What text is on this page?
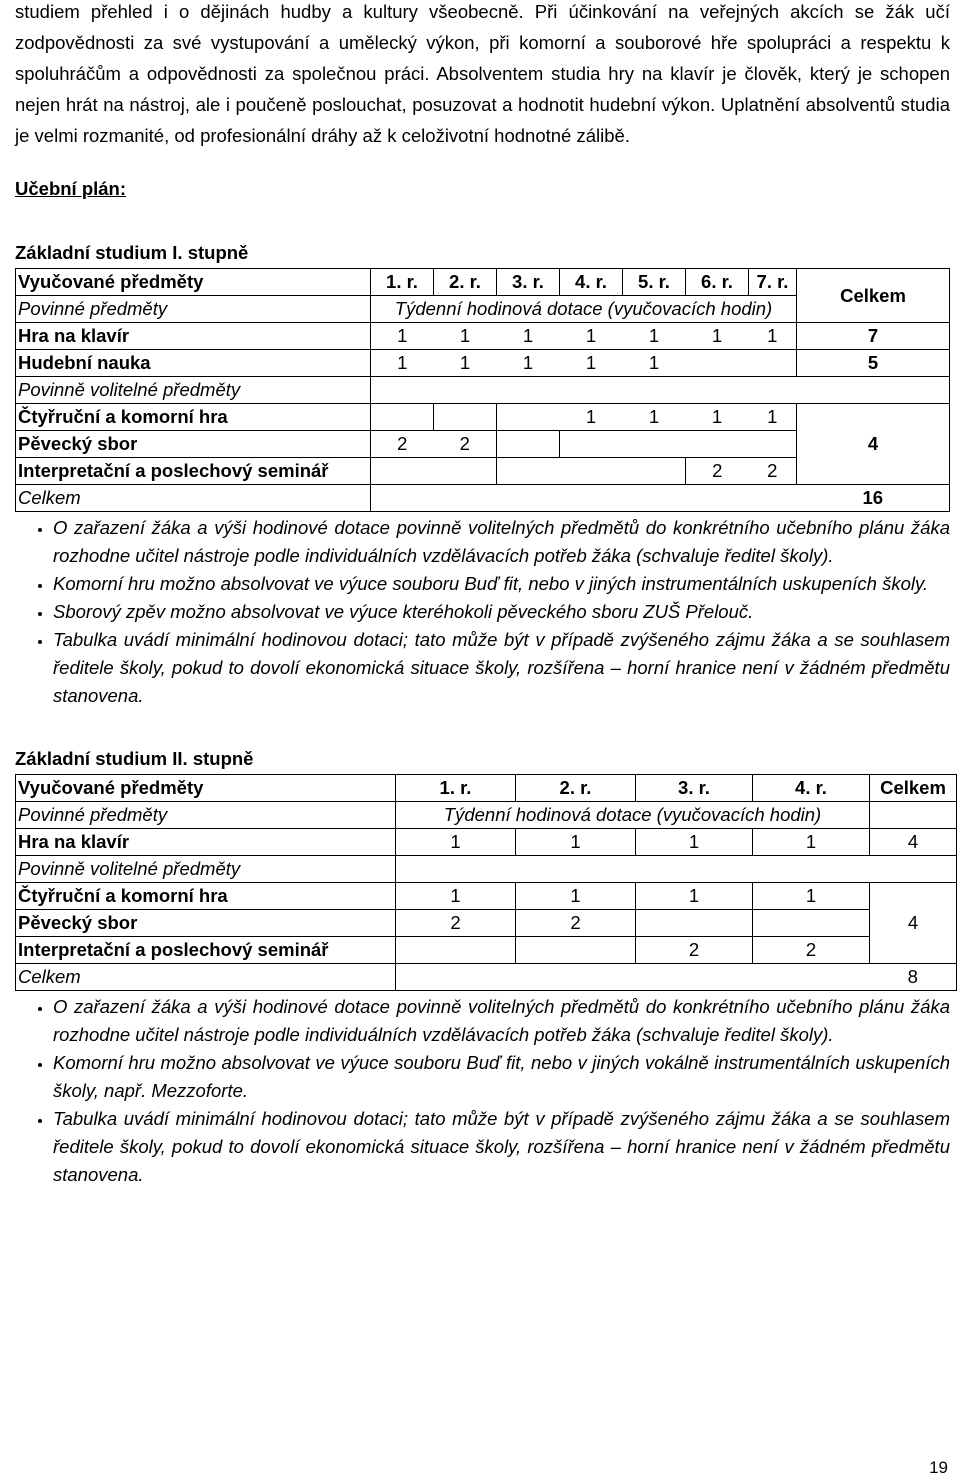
studiem přehled i o dějinách hudby a kultury všeobecně. Při účinkování na veřejných akcích se žák učí zodpovědnosti za své vystupování a umělecký výkon, při komorní a souborové hře spolupráci a respektu k spoluhráčům a odpovědnosti za společnou práci. Absolventem studia hry na klavír je člověk, který je schopen nejen hrát na nástroj, ale i poučeně poslouchat, posuzovat a hodnotit hudební výkon. Uplatnění absolventů studia je velmi rozmanité, od profesionální dráhy až k celoživotní hodnotné zálibě.

Učební plán:

Základní studium I. stupně

Vyučované předměty	1. r.	2. r.	3. r.	4. r.	5. r.	6. r.	7. r.	Celkem
Povinné předměty	Týdenní hodinová dotace (vyučovacích hodin)							
Hra na klavír	1	1	1	1	1	1	1	7
Hudební nauka	1	1	1	1	1			5
Povinně volitelné předměty								
Čtyřruční a komorní hra				1	1	1	1	4
Pěvecký sbor	2	2						
Interpretační a poslechový seminář						2	2	
Celkem								16
• O zařazení žáka a výši hodinové dotace povinně volitelných předmětů do konkrétního učebního plánu žáka rozhodne učitel nástroje podle individuálních vzdělávacích potřeb žáka (schvaluje ředitel školy).
• Komorní hru možno absolvovat ve výuce souboru Buď fit, nebo v jiných instrumentálních uskupeních školy.
• Sborový zpěv možno absolvovat ve výuce kteréhokoli pěveckého sboru ZUŠ Přelouč.
• Tabulka uvádí minimální hodinovou dotaci; tato může být v případě zvýšeného zájmu žáka a se souhlasem ředitele školy, pokud to dovolí ekonomická situace školy, rozšířena – horní hranice není v žádném předmětu stanovena.

Základní studium II. stupně

Vyučované předměty	1. r.	2. r.	3. r.	4. r.	Celkem
Povinné předměty	Týdenní hodinová dotace (vyučovacích hodin)				
Hra na klavír	1	1	1	1	4
Povinně volitelné předměty					
Čtyřruční a komorní hra	1	1	1	1	4
Pěvecký sbor	2	2			
Interpretační a poslechový seminář			2	2	
Celkem					8
• O zařazení žáka a výši hodinové dotace povinně volitelných předmětů do konkrétního učebního plánu žáka rozhodne učitel nástroje podle individuálních vzdělávacích potřeb žáka (schvaluje ředitel školy).
• Komorní hru možno absolvovat ve výuce souboru Buď fit, nebo v jiných vokálně instrumentálních uskupeních školy, např. Mezzoforte.
• Tabulka uvádí minimální hodinovou dotaci; tato může být v případě zvýšeného zájmu žáka a se souhlasem ředitele školy, pokud to dovolí ekonomická situace školy, rozšířena – horní hranice není v žádném předmětu stanovena.
19
